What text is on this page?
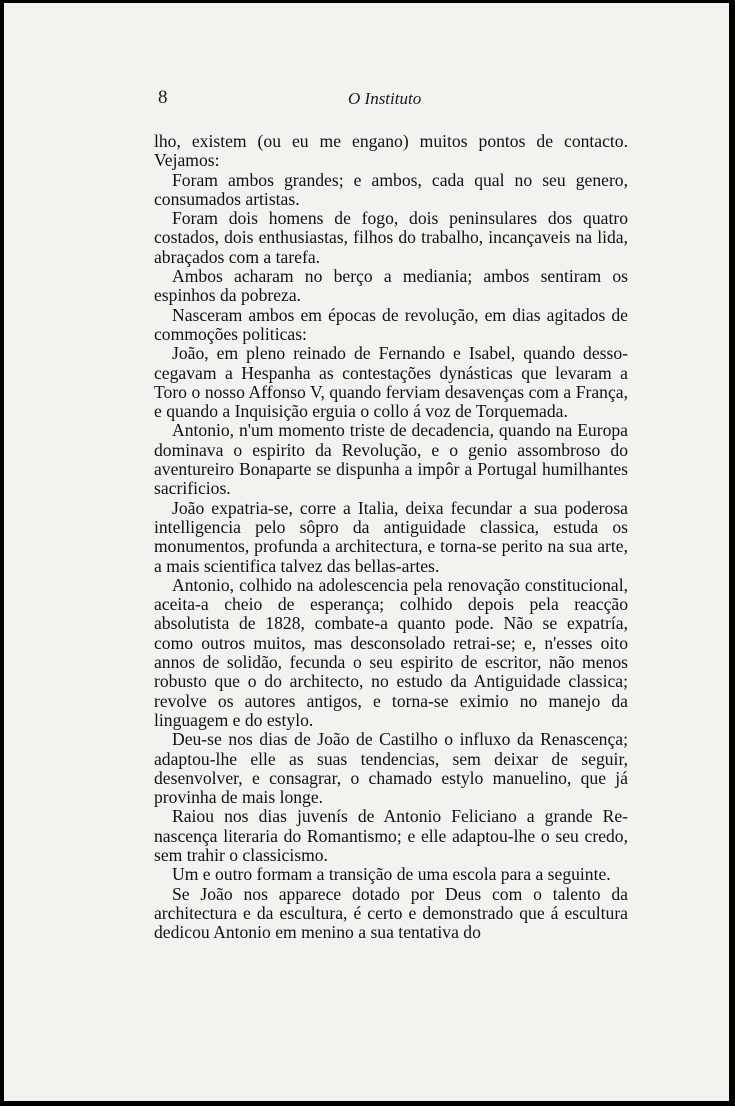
8	O Instituto

lho, existem (ou eu me engano) muitos pontos de contacto. Vejamos:

Foram ambos grandes; e ambos, cada qual no seu genero, consumados artistas.

Foram dois homens de fogo, dois peninsulares dos quatro costados, dois enthusiastas, filhos do trabalho, incançaveis na lida, abraçados com a tarefa.

Ambos acharam no berço a mediania; ambos sentiram os espinhos da pobreza.

Nasceram ambos em épocas de revolução, em dias agitados de commoções politicas:

João, em pleno reinado de Fernando e Isabel, quando dessocegavam a Hespanha as contestações dynásticas que levaram a Toro o nosso Affonso V, quando ferviam desavenças com a França, e quando a Inquisição erguia o collo á voz de Torquemada.

Antonio, n'um momento triste de decadencia, quando na Europa dominava o espirito da Revolução, e o genio assombroso do aventureiro Bonaparte se dispunha a impôr a Portugal humilhantes sacrificios.

João expatria-se, corre a Italia, deixa fecundar a sua poderosa intelligencia pelo sôpro da antiguidade classica, estuda os monumentos, profunda a architectura, e torna-se perito na sua arte, a mais scientifica talvez das bellas-artes.

Antonio, colhido na adolescencia pela renovação constitucional, aceita-a cheio de esperança; colhido depois pela reacção absolutista de 1828, combate-a quanto pode. Não se expatría, como outros muitos, mas desconsolado retrai-se; e, n'esses oito annos de solidão, fecunda o seu espirito de escritor, não menos robusto que o do architecto, no estudo da Antiguidade classica; revolve os autores antigos, e torna-se eximio no manejo da linguagem e do estylo.

Deu-se nos dias de João de Castilho o influxo da Renascença; adaptou-lhe elle as suas tendencias, sem deixar de seguir, desenvolver, e consagrar, o chamado estylo manuelino, que já provinha de mais longe.

Raiou nos dias juvenís de Antonio Feliciano a grande Renascença literaria do Romantismo; e elle adaptou-lhe o seu credo, sem trahir o classicismo.

Um e outro formam a transição de uma escola para a seguinte.

Se João nos apparece dotado por Deus com o talento da architectura e da escultura, é certo e demonstrado que á escultura dedicou Antonio em menino a sua tentativa do
